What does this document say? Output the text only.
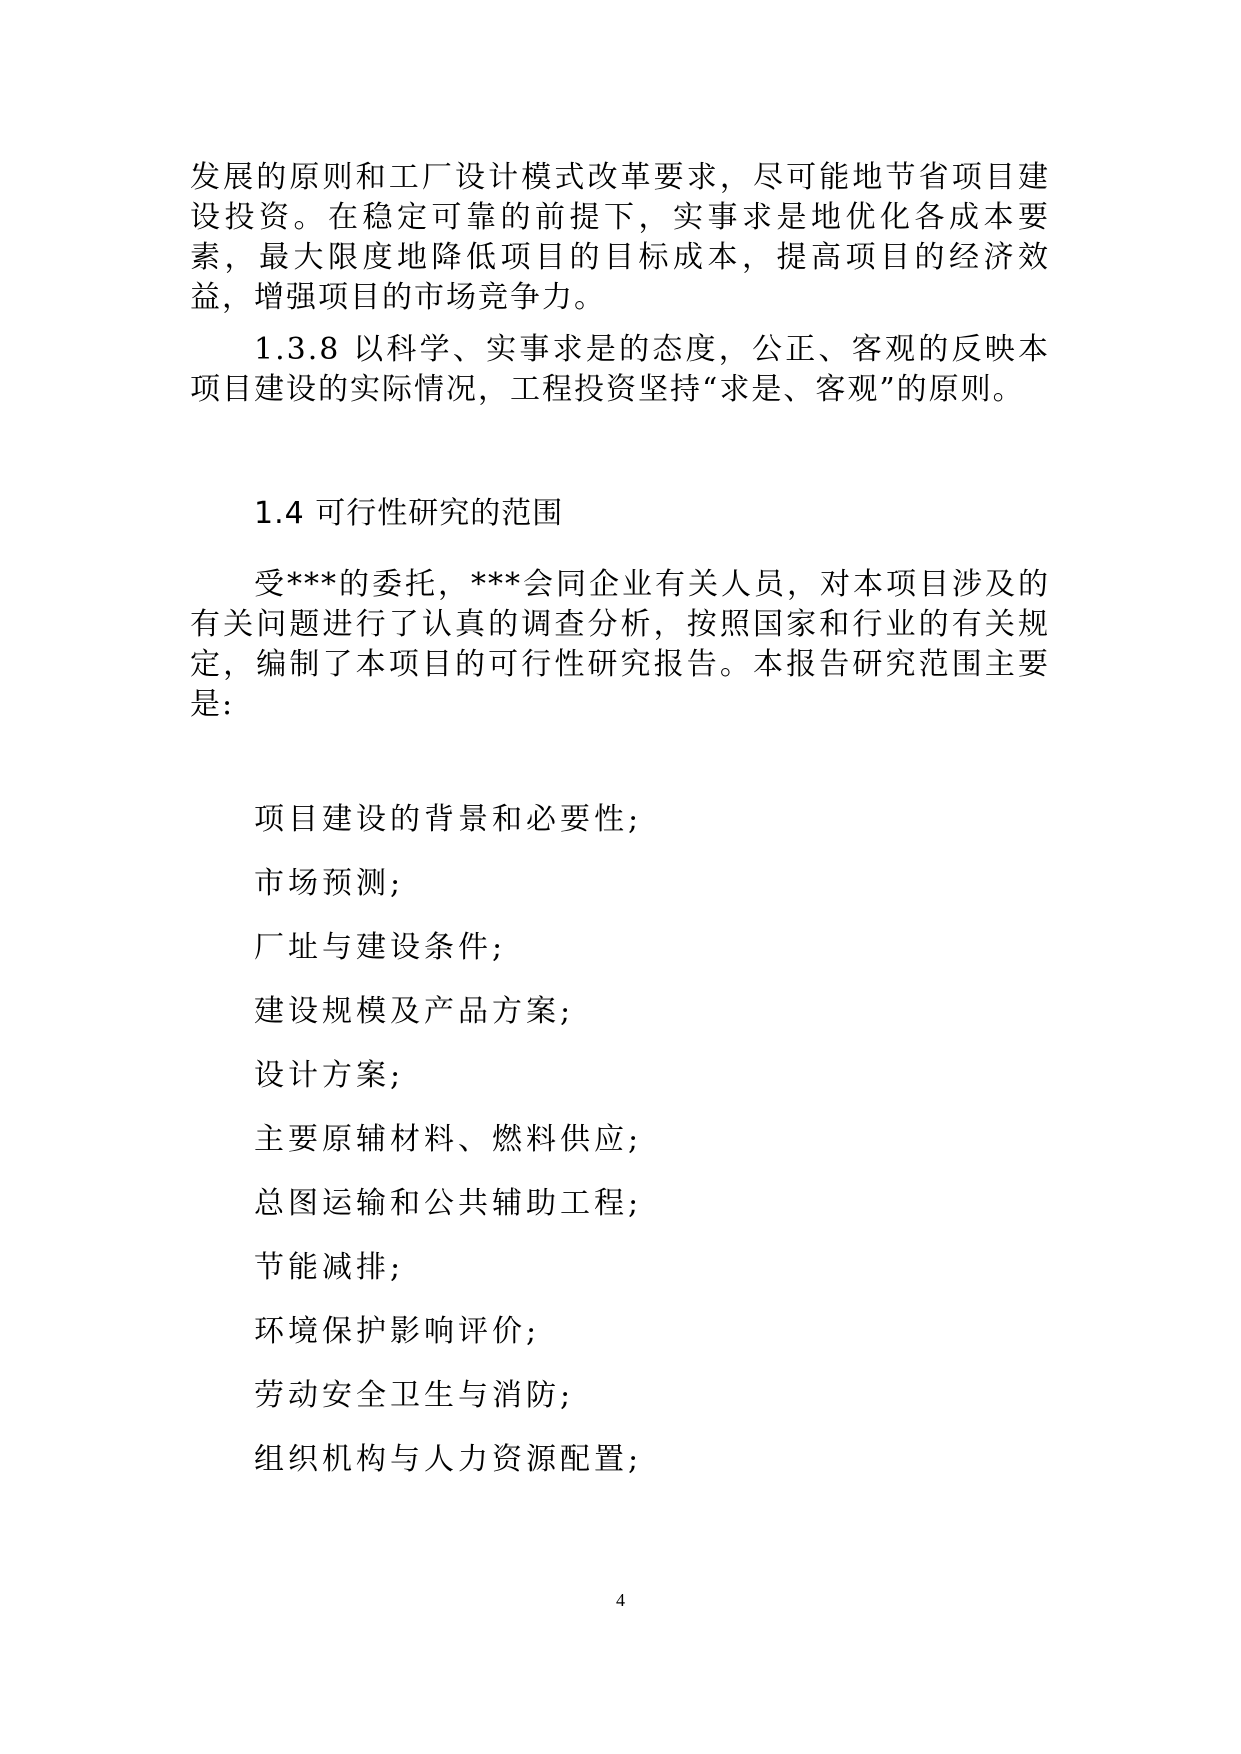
发展的原则和工厂设计模式改革要求，尽可能地节省项目建设投资。在稳定可靠的前提下，实事求是地优化各成本要素，最大限度地降低项目的目标成本，提高项目的经济效益，增强项目的市场竞争力。

1.3.8 以科学、实事求是的态度，公正、客观的反映本项目建设的实际情况，工程投资坚持“求是、客观”的原则。

1.4 可行性研究的范围

受***的委托，***会同企业有关人员，对本项目涉及的有关问题进行了认真的调查分析，按照国家和行业的有关规定，编制了本项目的可行性研究报告。本报告研究范围主要是:

项目建设的背景和必要性;
市场预测;
厂址与建设条件;
建设规模及产品方案;
设计方案;
主要原辅材料、燃料供应;
总图运输和公共辅助工程;
节能减排;
环境保护影响评价;
劳动安全卫生与消防;
组织机构与人力资源配置;
4
